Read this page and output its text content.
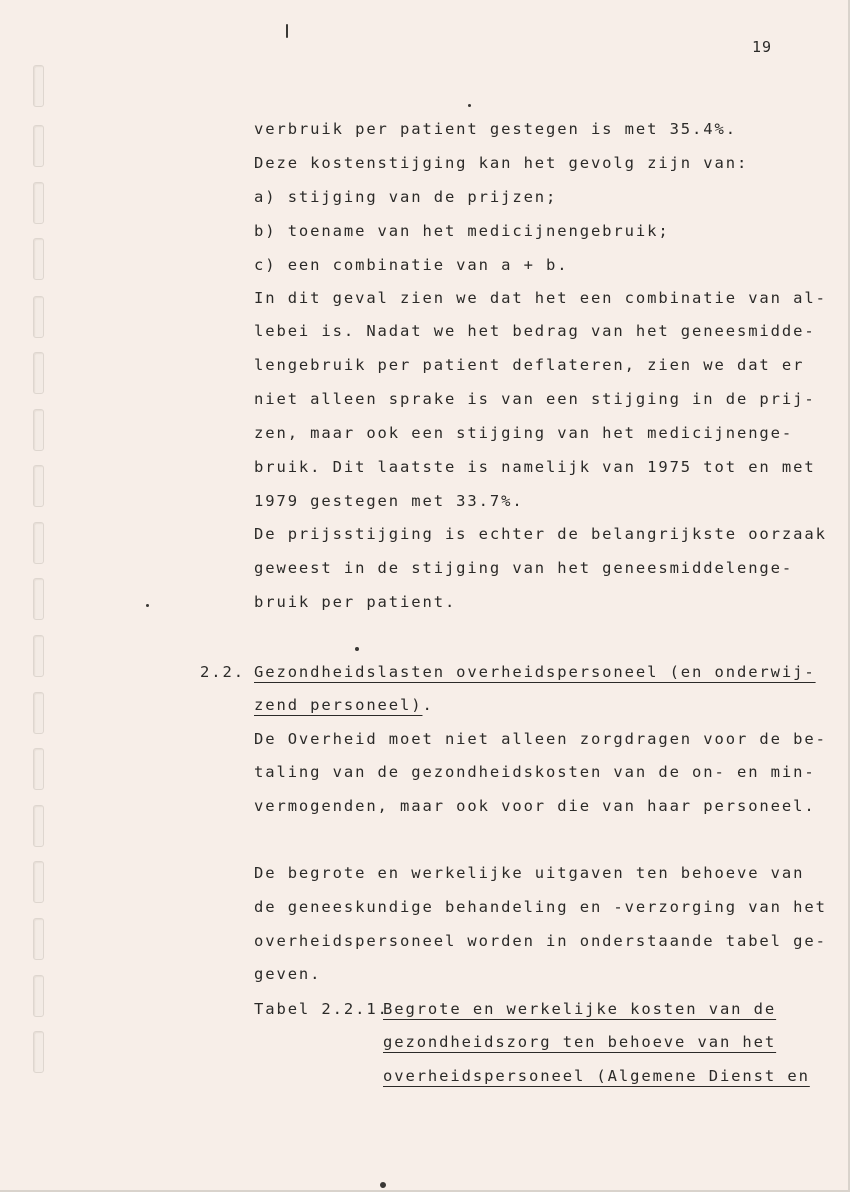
19
verbruik per patient gestegen is met 35.4%.
Deze kostenstijging kan het gevolg zijn van:
a) stijging van de prijzen;
b) toename van het medicijnengebruik;
c) een combinatie van a + b.
In dit geval zien we dat het een combinatie van al-
lebei is. Nadat we het bedrag van het geneesmidde-
lengebruik per patient deflateren, zien we dat er
niet alleen sprake is van een stijging in de prij-
zen, maar ook een stijging van het medicijnenge-
bruik. Dit laatste is namelijk van 1975 tot en met
1979 gestegen met 33.7%.
De prijsstijging is echter de belangrijkste oorzaak
geweest in de stijging van het geneesmiddelenge-
bruik per patient.
2.2. Gezondheidslasten overheidspersoneel (en onderwij-
zend personeel).
De Overheid moet niet alleen zorgdragen voor de be-
taling van de gezondheidskosten van de on- en min-
vermogenden, maar ook voor die van haar personeel.
De begrote en werkelijke uitgaven ten behoeve van
de geneeskundige behandeling en -verzorging van het
overheidspersoneel worden in onderstaande tabel ge-
geven.
Tabel 2.2.1.
Begrote en werkelijke kosten van de
gezondheidszorg ten behoeve van het
overheidspersoneel (Algemene Dienst en
